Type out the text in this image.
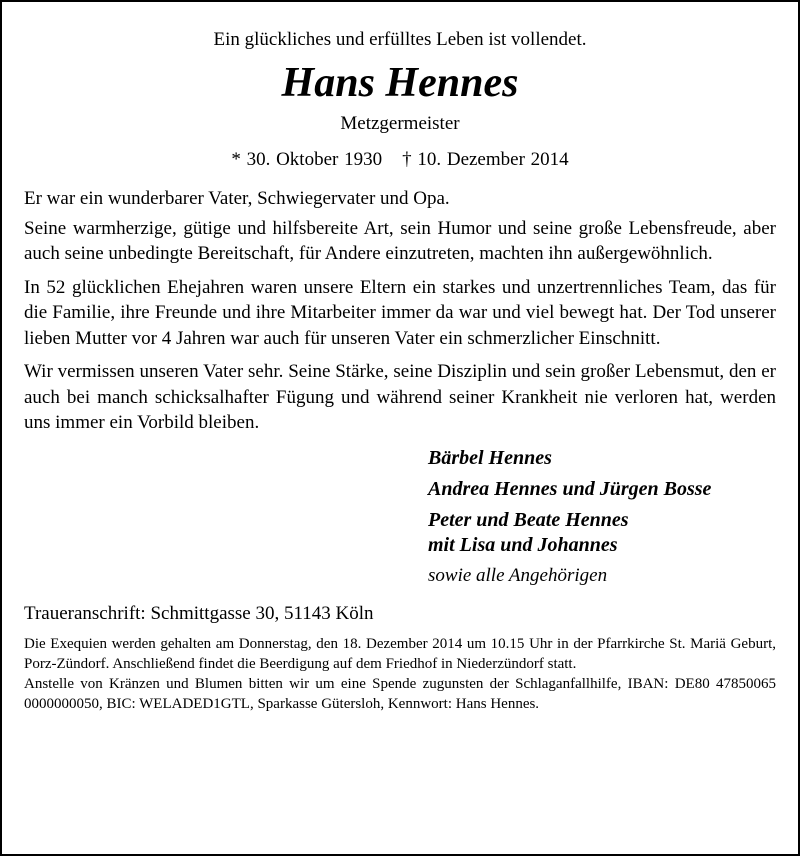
Ein glückliches und erfülltes Leben ist vollendet.

Hans Hennes

Metzgermeister

* 30. Oktober 1930 † 10. Dezember 2014

Er war ein wunderbarer Vater, Schwiegervater und Opa.

Seine warmherzige, gütige und hilfsbereite Art, sein Humor und seine große Lebensfreude, aber auch seine unbedingte Bereitschaft, für Andere einzutreten, machten ihn außergewöhnlich.

In 52 glücklichen Ehejahren waren unsere Eltern ein starkes und unzertrennliches Team, das für die Familie, ihre Freunde und ihre Mitarbeiter immer da war und viel bewegt hat. Der Tod unserer lieben Mutter vor 4 Jahren war auch für unseren Vater ein schmerzlicher Einschnitt.

Wir vermissen unseren Vater sehr. Seine Stärke, seine Disziplin und sein großer Lebensmut, den er auch bei manch schicksalhafter Fügung und während seiner Krankheit nie verloren hat, werden uns immer ein Vorbild bleiben.

Bärbel Hennes

Andrea Hennes und Jürgen Bosse

Peter und Beate Hennes
mit Lisa und Johannes

sowie alle Angehörigen

Traueranschrift: Schmittgasse 30, 51143 Köln

Die Exequien werden gehalten am Donnerstag, den 18. Dezember 2014 um 10.15 Uhr in der Pfarrkirche St. Mariä Geburt, Porz-Zündorf. Anschließend findet die Beerdigung auf dem Friedhof in Niederzündorf statt.

Anstelle von Kränzen und Blumen bitten wir um eine Spende zugunsten der Schlaganfallhilfe, IBAN: DE80 47850065 0000000050, BIC: WELADED1GTL, Sparkasse Gütersloh, Kennwort: Hans Hennes.
